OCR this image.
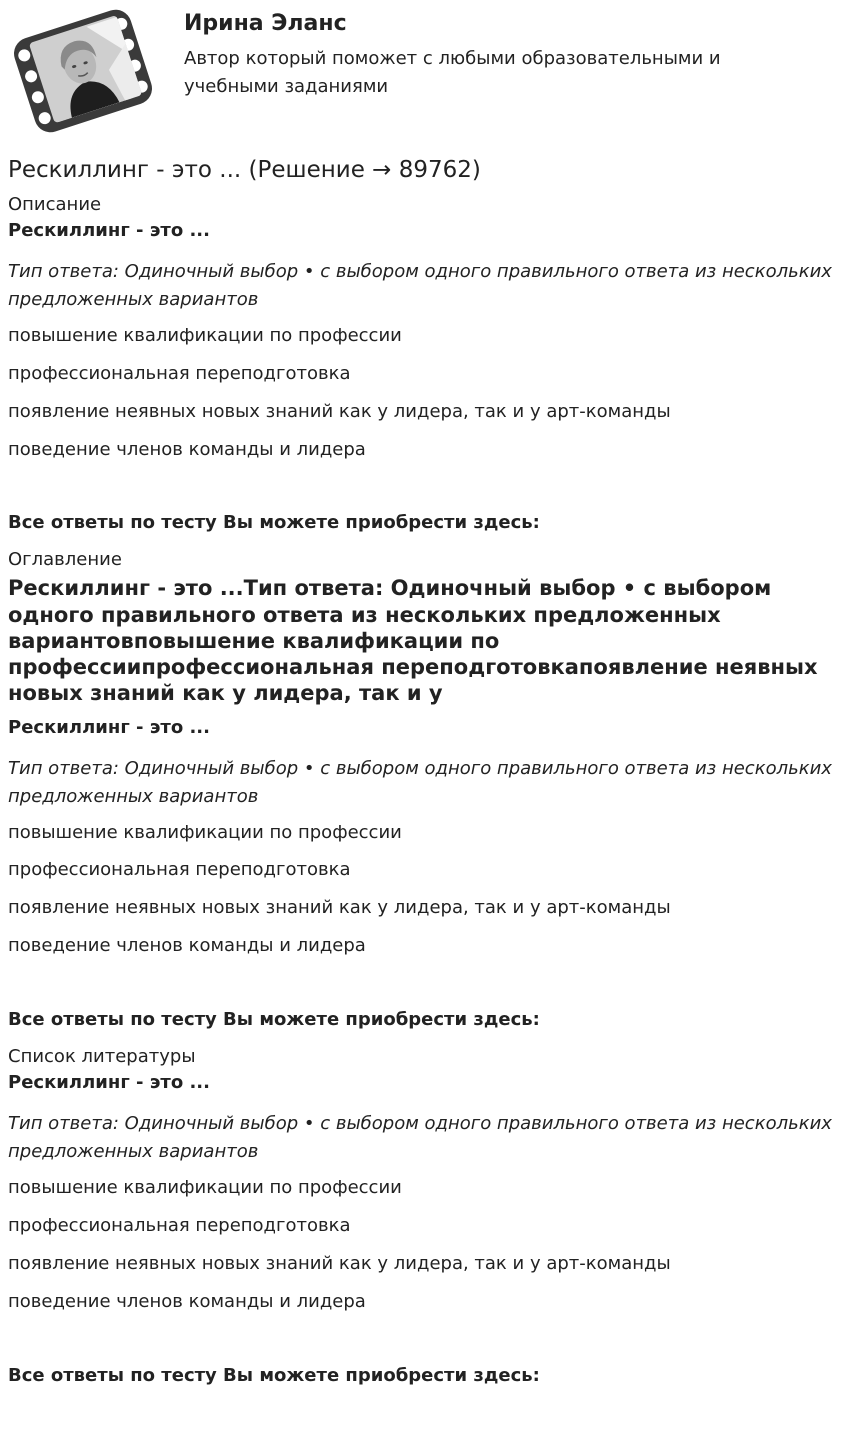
Ирина Эланс

Автор который поможет с любыми образовательными и учебными заданиями

Рескиллинг - это ... (Решение → 89762)

Описание

Рескиллинг - это ...

Тип ответа: Одиночный выбор • с выбором одного правильного ответа из нескольких предложенных вариантов

повышение квалификации по профессии

профессиональная переподготовка

появление неявных новых знаний как у лидера, так и у арт-команды

поведение членов команды и лидера

Все ответы по тесту Вы можете приобрести здесь:

Оглавление

Рескиллинг - это ...Тип ответа: Одиночный выбор • с выбором одного правильного ответа из нескольких предложенных вариантовповышение квалификации по профессиипрофессиональная переподготовкапоявление неявных новых знаний как у лидера, так и у

Рескиллинг - это ...

Тип ответа: Одиночный выбор • с выбором одного правильного ответа из нескольких предложенных вариантов

повышение квалификации по профессии

профессиональная переподготовка

появление неявных новых знаний как у лидера, так и у арт-команды

поведение членов команды и лидера

Все ответы по тесту Вы можете приобрести здесь:

Список литературы

Рескиллинг - это ...

Тип ответа: Одиночный выбор • с выбором одного правильного ответа из нескольких предложенных вариантов

повышение квалификации по профессии

профессиональная переподготовка

появление неявных новых знаний как у лидера, так и у арт-команды

поведение членов команды и лидера

Все ответы по тесту Вы можете приобрести здесь:
